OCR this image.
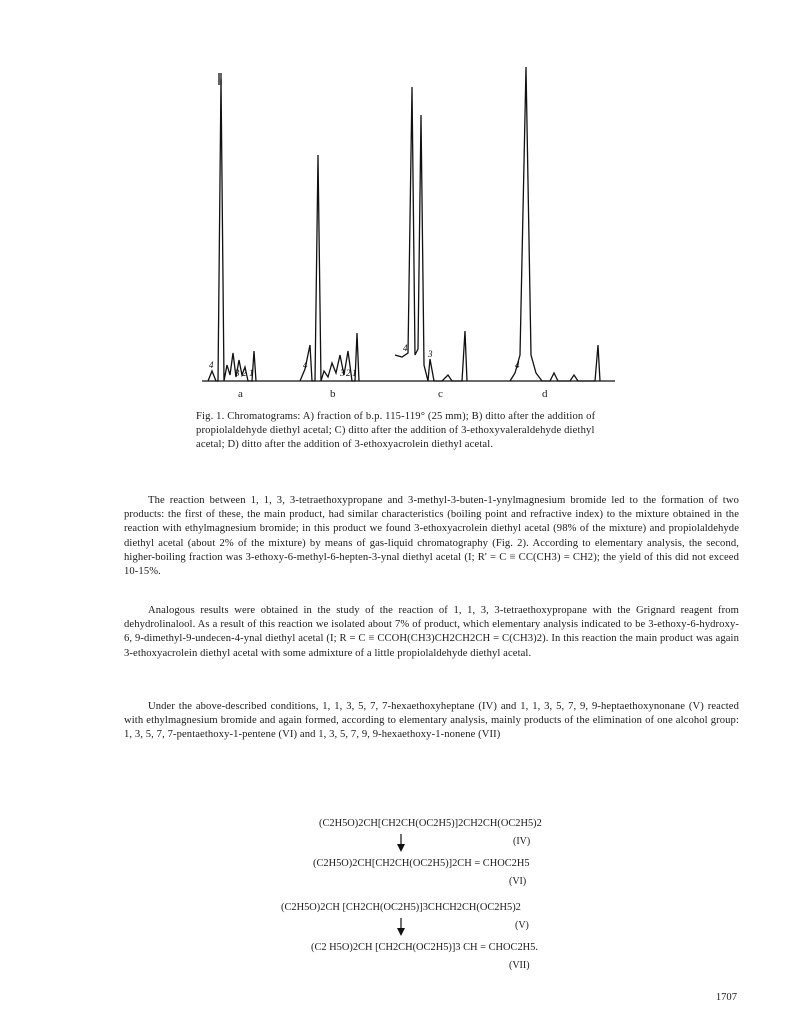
4
3 2 1
4
3 2 1
4
3
4
a	b	c	d
Fig. 1. Chromatograms: A) fraction of b.p. 115-119° (25 mm); B) ditto after the addition of propiolaldehyde diethyl acetal; C) ditto after the addition of 3-ethoxyvaleraldehyde diethyl acetal; D) ditto after the addition of 3-ethoxyacrolein diethyl acetal.

The reaction between 1, 1, 3, 3-tetraethoxypropane and 3-methyl-3-buten-1-ynylmagnesium bromide led to the formation of two products: the first of these, the main product, had similar characteristics (boiling point and refractive index) to the mixture obtained in the reaction with ethylmagnesium bromide; in this product we found 3-ethoxyacrolein diethyl acetal (98% of the mixture) and propiolaldehyde diethyl acetal (about 2% of the mixture) by means of gas-liquid chromatography (Fig. 2). According to elementary analysis, the second, higher-boiling fraction was 3-ethoxy-6-methyl-6-hepten-3-ynal diethyl acetal (I; R' = C ≡ CC(CH3) = CH2); the yield of this did not exceed 10-15%.

Analogous results were obtained in the study of the reaction of 1, 1, 3, 3-tetraethoxypropane with the Grignard reagent from dehydrolinalool. As a result of this reaction we isolated about 7% of product, which elementary analysis indicated to be 3-ethoxy-6-hydroxy-6, 9-dimethyl-9-undecen-4-ynal diethyl acetal (I; R = C ≡ CCOH(CH3)CH2CH2CH = C(CH3)2). In this reaction the main product was again 3-ethoxyacrolein diethyl acetal with some admixture of a little propiolaldehyde diethyl acetal.

Under the above-described conditions, 1, 1, 3, 5, 7, 7-hexaethoxyheptane (IV) and 1, 1, 3, 5, 7, 9, 9-heptaethoxynonane (V) reacted with ethylmagnesium bromide and again formed, according to elementary analysis, mainly products of the elimination of one alcohol group: 1, 3, 5, 7, 7-pentaethoxy-1-pentene (VI) and 1, 3, 5, 7, 9, 9-hexaethoxy-1-nonene (VII)

(C2H5O)2CH[CH2CH(OC2H5)]2CH2CH(OC2H5)2
(IV)
(C2H5O)2CH[CH2CH(OC2H5)]2CH = CHOC2H5
(VI)
(C2H5O)2CH [CH2CH(OC2H5)]3CHCH2CH(OC2H5)2
(V)
(C2 H5O)2CH [CH2CH(OC2H5)]3 CH = CHOC2H5.
(VII)
1707
